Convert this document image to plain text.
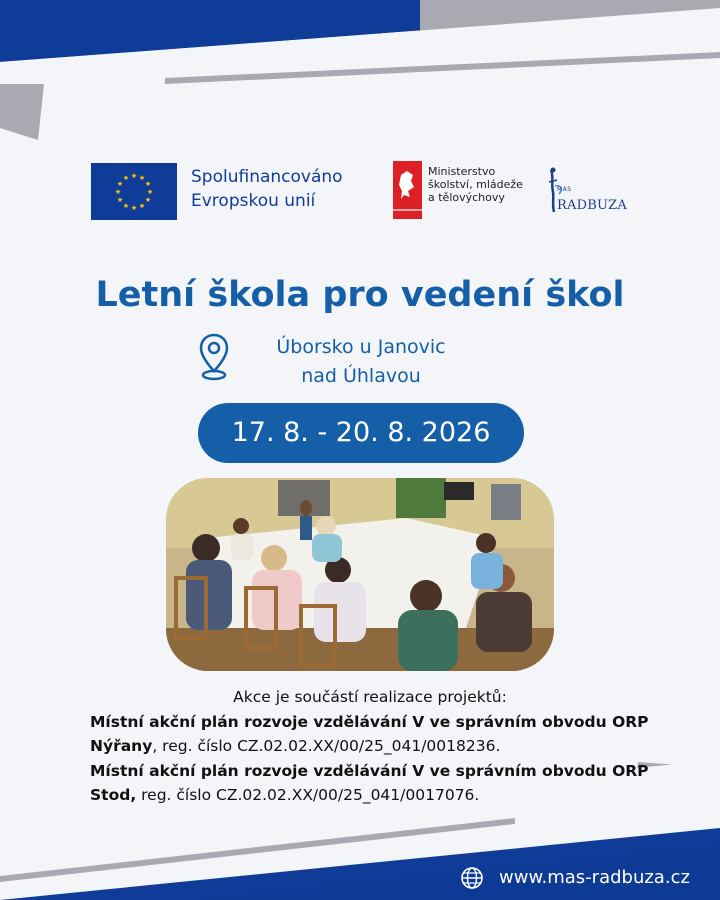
★ ★
★
★
★
★
★
★
★
★
★
★	Spolufinancováno
Evropskou unií
Ministerstvo
školství, mládeže
a tělovýchovy
MAS
RADBUZA
Letní škola pro vedení škol
Úborsko u Janovic
nad Úhlavou
17. 8. - 20. 8. 2026
Akce je součástí realizace projektů:
Místní akční plán rozvoje vzdělávání V ve správním obvodu ORP Nýřany, reg. číslo CZ.02.02.XX/00/25_041/0018236.
Místní akční plán rozvoje vzdělávání V ve správním obvodu ORP Stod, reg. číslo CZ.02.02.XX/00/25_041/0017076.
www.mas-radbuza.cz
